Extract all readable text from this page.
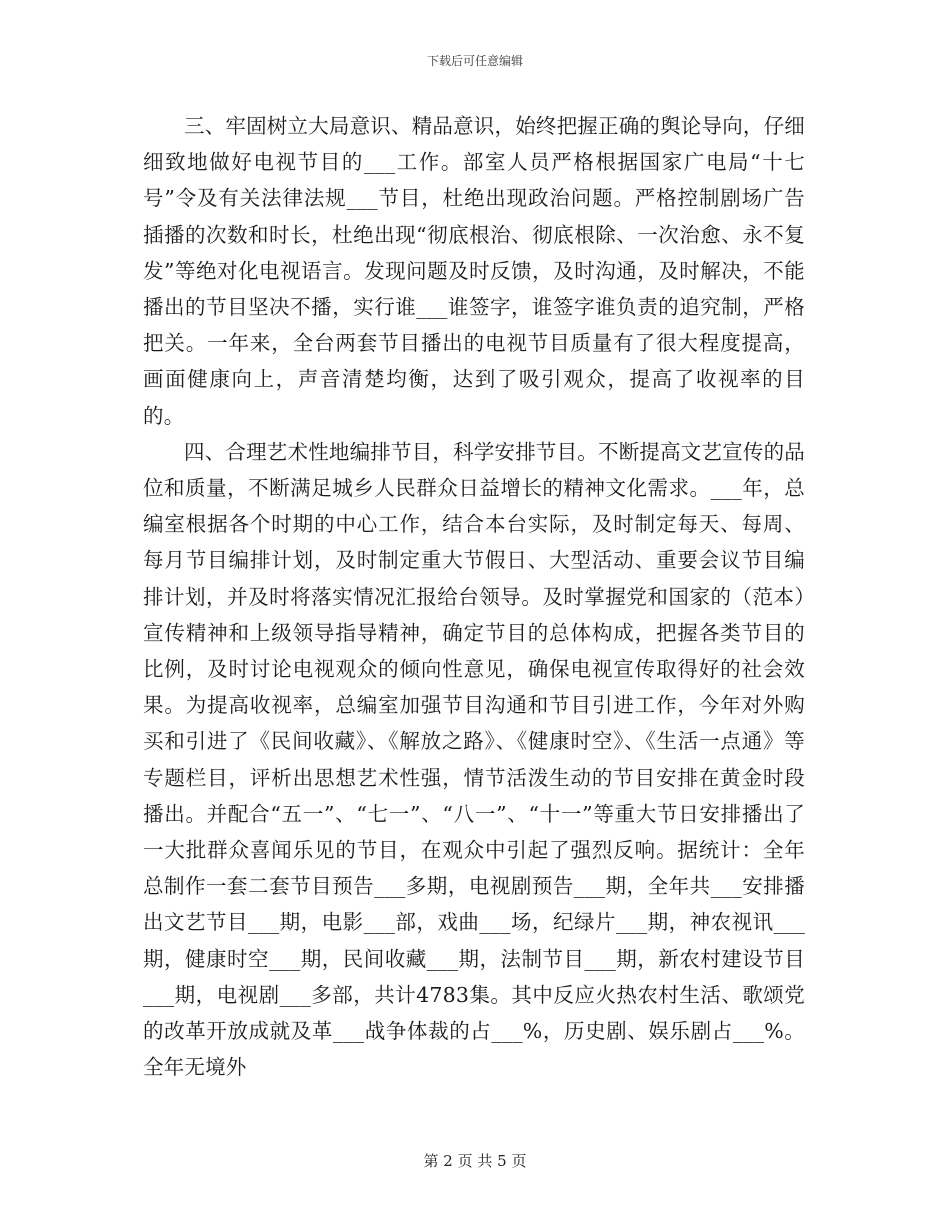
下载后可任意编辑

三、牢固树立大局意识、精品意识，始终把握正确的舆论导向，仔细细致地做好电视节目的___工作。部室人员严格根据国家广电局“十七号”令及有关法律法规___节目，杜绝出现政治问题。严格控制剧场广告插播的次数和时长，杜绝出现“彻底根治、彻底根除、一次治愈、永不复发”等绝对化电视语言。发现问题及时反馈，及时沟通，及时解决，不能播出的节目坚决不播，实行谁___谁签字，谁签字谁负责的追究制，严格把关。一年来，全台两套节目播出的电视节目质量有了很大程度提高，画面健康向上，声音清楚均衡，达到了吸引观众，提高了收视率的目的。

四、合理艺术性地编排节目，科学安排节目。不断提高文艺宣传的品位和质量，不断满足城乡人民群众日益增长的精神文化需求。___年，总编室根据各个时期的中心工作，结合本台实际，及时制定每天、每周、每月节目编排计划，及时制定重大节假日、大型活动、重要会议节目编排计划，并及时将落实情况汇报给台领导。及时掌握党和国家的（范本）宣传精神和上级领导指导精神，确定节目的总体构成，把握各类节目的比例，及时讨论电视观众的倾向性意见，确保电视宣传取得好的社会效果。为提高收视率，总编室加强节目沟通和节目引进工作，今年对外购买和引进了《民间收藏》、《解放之路》、《健康时空》、《生活一点通》等专题栏目，评析出思想艺术性强，情节活泼生动的节目安排在黄金时段播出。并配合“五一”、“七一”、“八一”、“十一”等重大节日安排播出了一大批群众喜闻乐见的节目，在观众中引起了强烈反响。据统计：全年总制作一套二套节目预告___多期，电视剧预告___期，全年共___安排播出文艺节目___期，电影___部，戏曲___场，纪绿片___期，神农视讯___期，健康时空___期，民间收藏___期，法制节目___期，新农村建设节目___期，电视剧___多部，共计4783集。其中反应火热农村生活、歌颂党的改革开放成就及革___战争体裁的占___%，历史剧、娱乐剧占___%。全年无境外

第 2 页 共 5 页
